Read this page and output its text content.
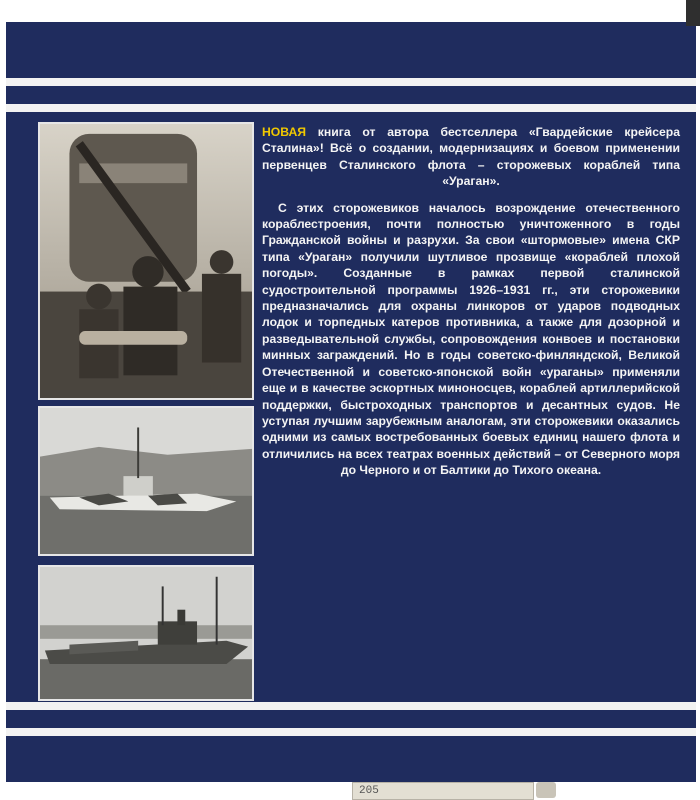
НОВАЯ книга от автора бестселлера «Гвардейские крейсера Сталина»! Всё о создании, модернизациях и боевом применении первенцев Сталинского флота – сторожевых кораблей типа «Ураган».

С этих сторожевиков началось возрождение отечественного кораблестроения, почти полностью уничтоженного в годы Гражданской войны и разрухи. За свои «штормовые» имена СКР типа «Ураган» получили шутливое прозвище «кораблей плохой погоды». Созданные в рамках первой сталинской судостроительной программы 1926–1931 гг., эти сторожевики предназначались для охраны линкоров от ударов подводных лодок и торпедных катеров противника, а также для дозорной и разведывательной службы, сопровождения конвоев и постановки минных заграждений. Но в годы советско-финляндской, Великой Отечественной и советско-японской войн «ураганы» применяли еще и в качестве эскортных миноносцев, кораблей артиллерийской поддержки, быстроходных транспортов и десантных судов. Не уступая лучшим зарубежным аналогам, эти сторожевики оказались одними из самых востребованных боевых единиц нашего флота и отличились на всех театрах военных действий – от Северного моря до Черного и от Балтики до Тихого океана.

205
